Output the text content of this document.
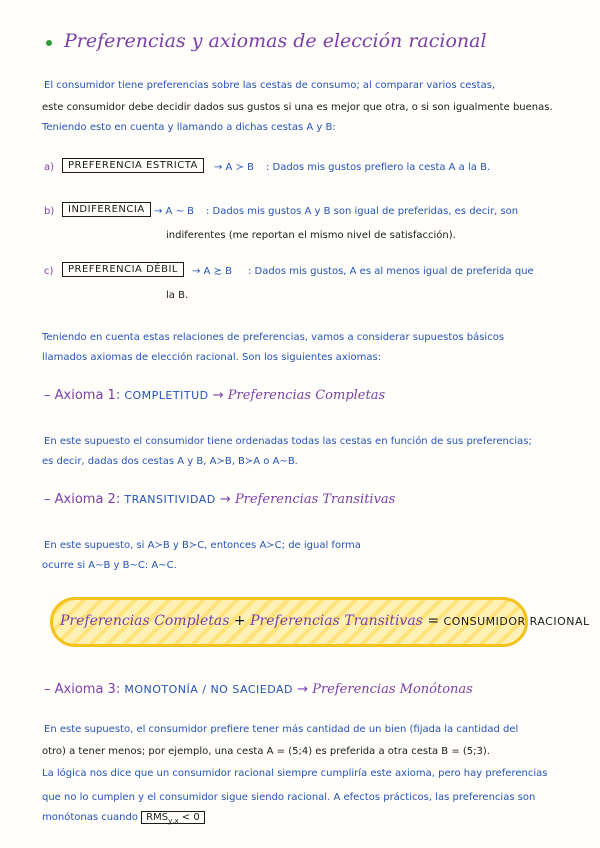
Preferencias y axiomas de elección racional
El consumidor tiene preferencias sobre las cestas de consumo; al comparar varios cestas,
este consumidor debe decidir dados sus gustos si una es mejor que otra, o si son igualmente buenas.
Teniendo esto en cuenta y llamando a dichas cestas A y B:
a)	PREFERENCIA ESTRICTA	→ A ≻ B : Dados mis gustos prefiero la cesta A a la B.
b)	INDIFERENCIA → A ∼ B : Dados mis gustos A y B son igual de preferidas, es decir, son
indiferentes (me reportan el mismo nivel de satisfacción).
c)	PREFERENCIA DÉBIL	→ A ≿ B : Dados mis gustos, A es al menos igual de preferida que
la B.
Teniendo en cuenta estas relaciones de preferencias, vamos a considerar supuestos básicos
llamados axiomas de elección racional. Son los siguientes axiomas:
– Axioma 1: COMPLETITUD → Preferencias Completas
En este supuesto el consumidor tiene ordenadas todas las cestas en función de sus preferencias;
es decir, dadas dos cestas A y B, A≻B, B≻A o A∼B.
– Axioma 2: TRANSITIVIDAD → Preferencias Transitivas
En este supuesto, si A≻B y B≻C, entonces A≻C; de igual forma
ocurre si A∼B y B∼C: A∼C.
Preferencias Completas + Preferencias Transitivas = CONSUMIDOR RACIONAL
– Axioma 3: MONOTONÍA / NO SACIEDAD → Preferencias Monótonas
En este supuesto, el consumidor prefiere tener más cantidad de un bien (fijada la cantidad del
otro) a tener menos; por ejemplo, una cesta A = (5;4) es preferida a otra cesta B = (5;3).
La lógica nos dice que un consumidor racional siempre cumpliría este axioma, pero hay preferencias
que no lo cumplen y el consumidor sigue siendo racional. A efectos prácticos, las preferencias son
monótonas cuando $RMS_{y,x} < 0$
